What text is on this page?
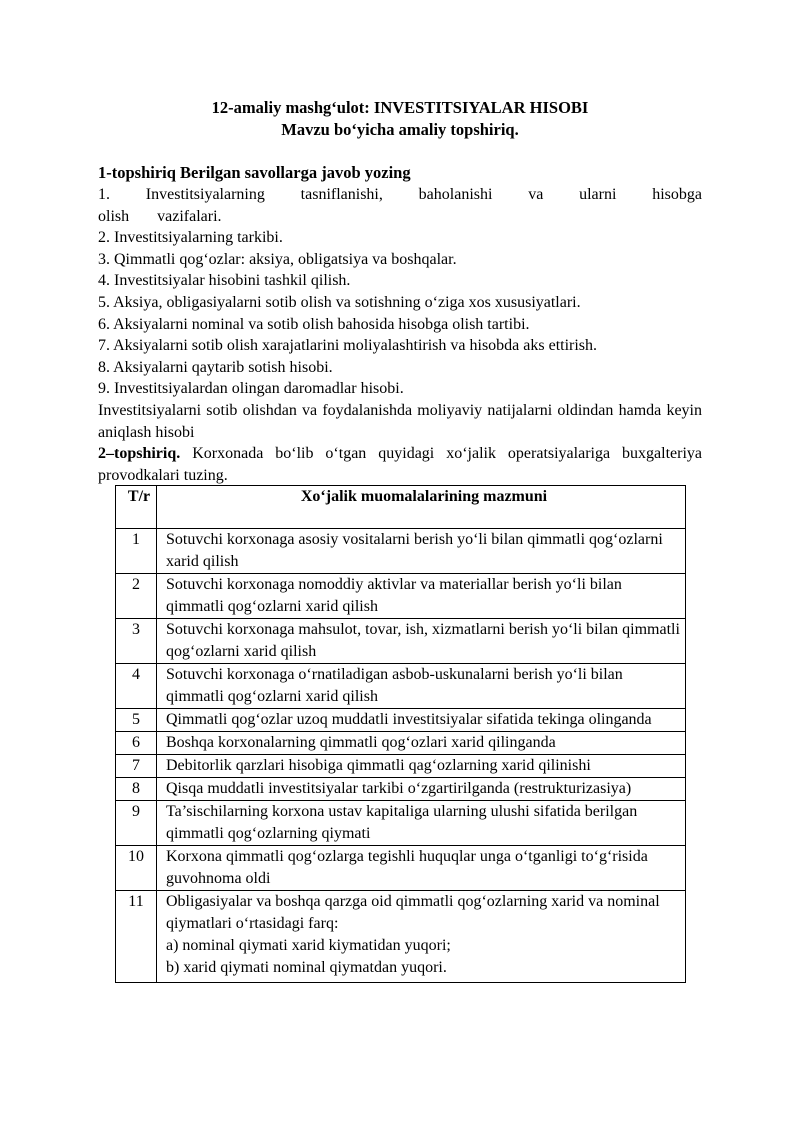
12-amaliy mashg‘ulot: INVESTITSIYALAR HISOBI
Mavzu bo‘yicha amaliy topshiriq.
1-topshiriq Berilgan savollarga javob yozing
1. Investitsiyalarning tasniflanishi, baholanishi va ularni hisobga olish vazifalari.
2. Investitsiyalarning tarkibi.
3. Qimmatli qog‘ozlar: aksiya, obligatsiya va boshqalar.
4. Investitsiyalar hisobini tashkil qilish.
5. Aksiya, obligasiyalarni sotib olish va sotishning o‘ziga xos xususiyatlari.
6. Aksiyalarni nominal va sotib olish bahosida hisobga olish tartibi.
7. Aksiyalarni sotib olish xarajatlarini moliyalashtirish va hisobda aks ettirish.
8. Aksiyalarni qaytarib sotish hisobi.
9. Investitsiyalardan olingan daromadlar hisobi.
Investitsiyalarni sotib olishdan va foydalanishda moliyaviy natijalarni oldindan hamda keyin aniqlash hisobi
2–topshiriq. Korxonada bo‘lib o‘tgan quyidagi xo‘jalik operatsiyalariga buxgalteriya provodkalari tuzing.
T/r	Xo‘jalik muomalalarining mazmuni
1	Sotuvchi korxonaga asosiy vositalarni berish yo‘li bilan qimmatli qog‘ozlarni xarid qilish
2	Sotuvchi korxonaga nomoddiy aktivlar va materiallar berish yo‘li bilan qimmatli qog‘ozlarni xarid qilish
3	Sotuvchi korxonaga mahsulot, tovar, ish, xizmatlarni berish yo‘li bilan qimmatli qog‘ozlarni xarid qilish
4	Sotuvchi korxonaga o‘rnatiladigan asbob-uskunalarni berish yo‘li bilan qimmatli qog‘ozlarni xarid qilish
5	Qimmatli qog‘ozlar uzoq muddatli investitsiyalar sifatida tekinga olinganda
6	Boshqa korxonalarning qimmatli qog‘ozlari xarid qilinganda
7	Debitorlik qarzlari hisobiga qimmatli qag‘ozlarning xarid qilinishi
8	Qisqa muddatli investitsiyalar tarkibi o‘zgartirilganda (restrukturizasiya)
9	Ta’sischilarning korxona ustav kapitaliga ularning ulushi sifatida berilgan qimmatli qog‘ozlarning qiymati
10	Korxona qimmatli qog‘ozlarga tegishli huquqlar unga o‘tganligi to‘g‘risida guvohnoma oldi
11	Obligasiyalar va boshqa qarzga oid qimmatli qog‘ozlarning xarid va nominal qiymatlari o‘rtasidagi farq:
a) nominal qiymati xarid kiymatidan yuqori;
b) xarid qiymati nominal qiymatdan yuqori.
